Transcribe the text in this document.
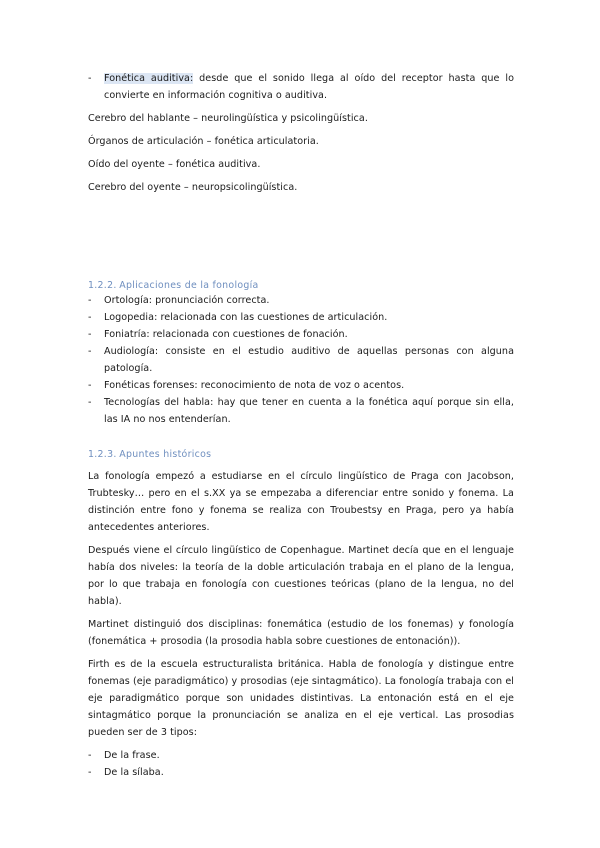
- Fonética auditiva: desde que el sonido llega al oído del receptor hasta que lo convierte en información cognitiva o auditiva.

Cerebro del hablante – neurolingüística y psicolingüística.

Órganos de articulación – fonética articulatoria.

Oído del oyente – fonética auditiva.

Cerebro del oyente – neuropsicolingüística.

1.2.2. Aplicaciones de la fonología
- Ortología: pronunciación correcta.
- Logopedia: relacionada con las cuestiones de articulación.
- Foniatría: relacionada con cuestiones de fonación.
- Audiología: consiste en el estudio auditivo de aquellas personas con alguna patología.
- Fonéticas forenses: reconocimiento de nota de voz o acentos.
- Tecnologías del habla: hay que tener en cuenta a la fonética aquí porque sin ella, las IA no nos entenderían.
1.2.3. Apuntes históricos

La fonología empezó a estudiarse en el círculo lingüístico de Praga con Jacobson, Trubtesky… pero en el s.XX ya se empezaba a diferenciar entre sonido y fonema. La distinción entre fono y fonema se realiza con Troubestsy en Praga, pero ya había antecedentes anteriores.

Después viene el círculo lingüístico de Copenhague. Martinet decía que en el lenguaje había dos niveles: la teoría de la doble articulación trabaja en el plano de la lengua, por lo que trabaja en fonología con cuestiones teóricas (plano de la lengua, no del habla).

Martinet distinguió dos disciplinas: fonemática (estudio de los fonemas) y fonología (fonemática + prosodia (la prosodia habla sobre cuestiones de entonación)).

Firth es de la escuela estructuralista británica. Habla de fonología y distingue entre fonemas (eje paradigmático) y prosodias (eje sintagmático). La fonología trabaja con el eje paradigmático porque son unidades distintivas. La entonación está en el eje sintagmático porque la pronunciación se analiza en el eje vertical. Las prosodias pueden ser de 3 tipos:

- De la frase.
- De la sílaba.
